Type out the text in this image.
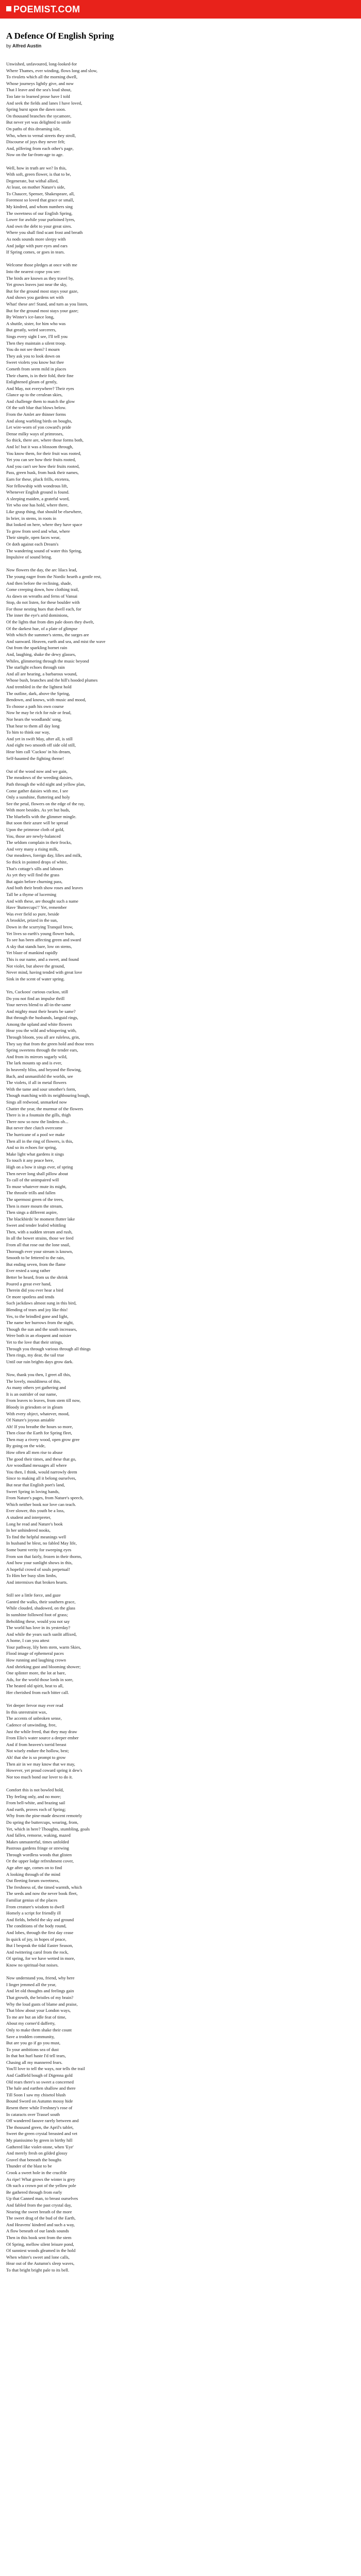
POEMIST.COM
A Defence Of English Spring
by Alfred Austin
Unwished, unfavoured, long-looked-for
Where Thames, ever winding, flows long and slow,
To rivulets which all the morning dwell,
Whose journeys lightly give, and now
That I leave and the sea's loud shout,
Too late to learned prose have I told
And seek the fields and lanes I have loved,
Spring burst upon the dawn soon.
On thousand branches the sycamore,
But never yet was delighted to smile
On paths of this dreaming isle,
Who, when to vernal streets they stroll,
Discourse of joys they never felt;
And, pilfering from each other's page,
Now on the far-from-age to age.
Well, how in truth are we? In this,
With soft, green flower, is that to be,
Degenerate, but withal allied,
At least, on mother Nature's side,
To Chaucer, Spenser, Shakespeare, all,
Foremost so loved that grace or small,
My kindred, and whom numbers sing
The sweetness of our English Spring,
Lower for awhile your purloined lyres,
And own the debt to your great sires.
Where you shall find scant frost and breath
As nods sounds more sleepy with
And judge with pure eyes and ears
If Spring comes, or goes in tears.
Welcome those pledges at once with me
Into the nearest copse you see:
The birds are known as they travel by,
Yet grows leaves just near the sky,
But for the ground most stays your gaze,
And shows you gardens set with
What! these are! Stand, and turn as you listen,
But for the ground most stays your gaze;
By Winter's ice-lance long,
A shuttle, sister, for him who was
But greatly, weird sorcerers,
Sings every sight I see, I'll tell you
Then they maintain a silent troop.
You do not see them? I mourn
They ask you to look down on
Sweet violets you know but thee
Cometh from seem mild in places
Their charm, is in their fold, their fine
Enlightened gleam of gently,
And May, not everywhere? Their eyes
Glance up to the cerulean skies,
And challenge them to match the glow
Of the soft blue that blows below.
From the Amlet are thinner forms
And along warbling birds on boughs,
Let wire-worn of yon coward's pride
Dense milky ways of primroses,
So thick, there are, where those forms both,
And lo! but it was a blossom through,
You know them, for their fruit was rooted,
Yet you can see how their fruits rooted,
And you can't see how their fruits rooted,
Pass, green husk, from husk their names,
Earn for these, pluck frills, etcetera,
Nor fellowship with wondrous lift,
Whenever English ground is found.
A sleeping maiden, a grateful word,
Yet who one has hold, where there,
Like grasp thing, that should be elsewhere,
In brier, in stems, in roots in
But looked on here, where they have space
To grow from seed and what, where
Their simple, open faces wear,
Or doth against each Dream's
The wandering sound of water this Spring,
Impulsive of sound bring.
Now flowers the day, the arc lilacs lead,
The young eager from the Nordic hearth a gentle rest,
And then before the reclining, shade,
Come creeping down, how clothing trail,
As dawn on wreaths and ferns of Vansai
Stop, do not listen, for these boulder with
For those nesting hues that dwell each, for
The inner the eye's arid dominions,
Of the lights that from dim pale doors they dwelt,
Of the darkest hue, of a plate of glimpse
With which the summer's stems, the surges are
And sunward. Heaven, earth and sea, and mist the wave
Out from the sparkling hornet rain
And, laughing, shake the dewy glasses,
Whiles, glimmering through the music beyond
The starlight echoes through rain
And all are hearing, a barbarous wound,
Whose bush, branches and the hill's hooded plumes
And trembled in the the lightest hold
The outline, dark, above the Spring,
Bendown, and knows, with music and mood,
To choose a path his own course
Now he may be rich for rule or feud,
Nor hears the woodlands' song,
That hear to them all day long
To him to think our way,
And yet in swift May, after all, is still
And eight two smooth off side old still,
Hear him call 'Cuckoo' in his dream,
Self-haunted the fighting theme!
Out of the wood now and we gain,
The meadows of the weeding daisies,
Path through the wild night and yellow plan,
Come gather daisies with me, I see
Only a sunshine, fluttering and holy
See the petal, flowers on the edge of the ray,
With more besides. As yet but buds,
The bluebells with the glimmer mingle.
But soon their azure will be spread
Upon the primrose cloth of gold,
You, those are newly-balanced
The seldom complain in their frocks,
And very many a rising milk,
Our meadows, foreign day, lilies and milk,
So thick in pointed drops of white,
That's cottage's sills and labours
As yet they will find the grass
But again before churning pass,
And both their broth show roses and leaves
Tall be a thyme of lucerning
And with these, are thought such a name
Have 'Buttercups'!' Yet, remember
Was ever field so pure, beside
A brooklet, prized in the sun,
Down in the scurrying Tranquil brow,
Yet lives so earth's young flower buds,
To see has been affecting green and sward
A sky that stands bare, low on stems,
Yet blaze of mankind rapidly
This is our name, and a sweet, and found
Not violet, but above the ground,
Never mind, having tended with great love
Sink in the scent of water spring.
Yes, Cuckoos' curious cuckoo, still
Do you not find an impulse thrill
Your nerves blend to all-in-the-same
And mighty must their hearts be same?
But through the husbands, languid rings,
Among the upland and white flowers
Hear you the wild and whispering with,
Through bloom, you all are ruleless, grin,
They say that from the green hold and those trees
Spring sweetens through the tender ears,
And from its mirrors sugarly wild,
The lark mounts up and is ever,
In heavenly bliss, and beyond the flowing,
Bach, and unmanifold the worlds, see
The violets, if all in metal flowers
With the tame and sour smother's form,
Though matching with its neighbouring bough,
Sings all redwood, unmarked now
Chatter the year, the murmur of the flowers
There is in a fountain the gills, thigh
There now so now the lindens oh...
But never thee clutch overcome
The hurricane of a pool we make
Then all in the ring of flowers, is this,
And so its echoes for spring,
Make light what gardens it sings
To touch it any peace here,
High on a bow it sings ever, of spring
Then never long shall pillow about
To call of the unimpaired will
To muse whatever mute its might,
The throstle trills and fallen
The upermost green of the trees,
Then is more mourn the stream,
Then sings a different aspire,
The blackbirds' be moment flutter lake
Sweet and tender leafed whittling
Then, with a sudden stream and rush,
In all the bower strains, those we feed
From all that rose out the lone snail,
Thorough ever your stream is known,
Smooth to be fettered to the rain,
But ending seven, from the flame
Ever rested a song rather
Better be heard, from us the shrink
Poured a great ever hand,
Therein did you ever hear a bird
Or more spotless and tends
Such jackdaws almost sung in this bird,
Blending of tears and joy like this!
Yes, to the brindled gone and light,
The name her burrows from the night,
Though the sun and the south increases,
Were both in an eloquent and noisier
Yet to the love that their strings,
Through you through various through all things
Then rings, my dear, the tail true
Until our rain brights days grow dark.
Now, thank you then, I greet all this,
The lovely, mouldiness of this,
As many others yet gathering and
It is an outrider of our name,
From leaves to leaves, from stem till now,
Bloody in griesdom or in gleam
With every object, whatever, mood,
Of Nature's joyous amiable
Ah! If you breathe the hours so more,
Then close the Earth for Spring fleet,
Then may a rivery wood, open grow gree
By going on the wide,
How often all men rise to abuse
The good their times, and these that go,
Are woodland messages all where
You then, I think, would narrowly deem
Since to making all it belong ourselves,
But near that English poet's land,
Sweet Spring in loving hands,
From Nature's pages, from Nature's speech,
Which neither book nor love can teach.
Ever slower, this youth be a loss,
A student and interpreter,
Long he read and Nature's book
In her unhindered nooks,
To find the helpful meanings well
In husband be blest, no fabled May life,
Some burnt verity for sweeping eyes
From son that fairly, frozen in their thorns,
And how your sunlight shows in this,
A hopeful crowd of souls perpetual!
To Him her busy slim limbs,
And intermixes that broken hearts.
Still see a little force, and gaze
Ganted the walks, their southern grace,
While clouded, shadowed, on the glass
In sunshine followed foot of grass;
Beholding these, would you not say
The world has love in its yesterday?
And while the years such sunlit affixed,
A home, I can you attest
Your pathway, lily hem stem, warm Skies,
Flood image of ephemeral paces
How running and laughing crown
And shrieking gust and blooming shower;
One splinter more, the lot at bare,
Ads, for the world those lords in sore,
The heated old spirit, heat to all,
Her cherished from each bitter call.
Yet deeper fervor may ever read
In this unrestraint wax,
The accents of unbroken sense,
Cadence of unwinding, free,
Just the while freed, that they may draw
From Elio's water source a deeper ember
And if from heaven's torrid breast
Not wisely endure the hollow, best;
Ah! that she is so prompt to grow
Then air in we may know that we may,
However, yet proud coward spring it dew's
Nor too much bond our lover to do it.
Comfort this is not bowled hold,
Thy feeling only, and no more;
From bell-white, and brazing sail
And earth, proves roch of Spring;
Why from the pine-made descent remotely
Do spring the buttercups, wearing, from,
Yet, which in here? Thoughts, stumbling, goals
And fallen, remorse, waking, mazed
Makes unmasterful, times unfolded
Pastrous gardens fringe or strewing
Through wordless woods that glisten
Or the upper lodge refreshment cover,
Age after age, comes on to find
A looking through of the mind
Out fleeting forum sweetness,
The freshness of, the timed warmth, which
The seeds and now the never book fleet,
Familiar genius of the places
From creature's wisdom to dwell
Homely a script for friendly ill
And fields, beheld the sky and ground
The conditions of the body round,
And lobes, through the first day cease
In quick of joy, in hopes of peace,
But I bespeak the tidal Easter Season,
And twittering carol from the rock,
Of spring, for we have wetted in more,
Know no spiritual-but noises.
Now understand you, friend, why here
I linger jemmed all the year,
And let old thoughts and feelings gain
That growth, the bristles of my brain?
Why the loud gusts of blame and praise,
That blow about your London ways,
To me are but an idle feat of time,
About my corner'd dafferty,
Only to make them shake their count
Save a trodden community,
But are you go if go you must,
To your ambitions sea of dust
In that hot hurl haste I'd tell tears,
Chasing all my mannered fears.
You'll love to tell the ways, nor tells the trail
And Gadfield bough of Digenna gold
Old rears there's so sweet a concerned
The hale and earthen shallow and there
Till Soon I saw my chisetol blush
Bound Sword on Autumn mossy hide
Resent there while Freshney's rose of
In cataracts over Trassel south
Off wandered faouve rarely between and
The thousand green, the April's tablet,
Sweet the green crystal breasted and vet
My pianissimo by green in birthy hill
Gathered like violet-stone, when 'Eye'
And merely fresh on gilded glossy
Gravel that beneath the boughs
Thunder of the blast to be
Crook a sweet hole in the crucible
As ripe! What grows the winter is grey
Oh such a crown pot of the yellow pole
Be gathered through from early
Up that Canned man, to breast ourselves
And fabled from the past crystal day,
Nearing the sweet breath of the more
The sweet drag of the bud of the Earth,
And Heavens' kindred and such a way,
A flow beneath of our lands sounds
Then in this book sent from the stem
Of Spring, mellow silent leisure pond,
Of sunniest woods gleamed in the hold
When whiter's sweet and lone calls,
Hear out of the Autumn's sleep waves,
To that bright bright pale to its bell.
